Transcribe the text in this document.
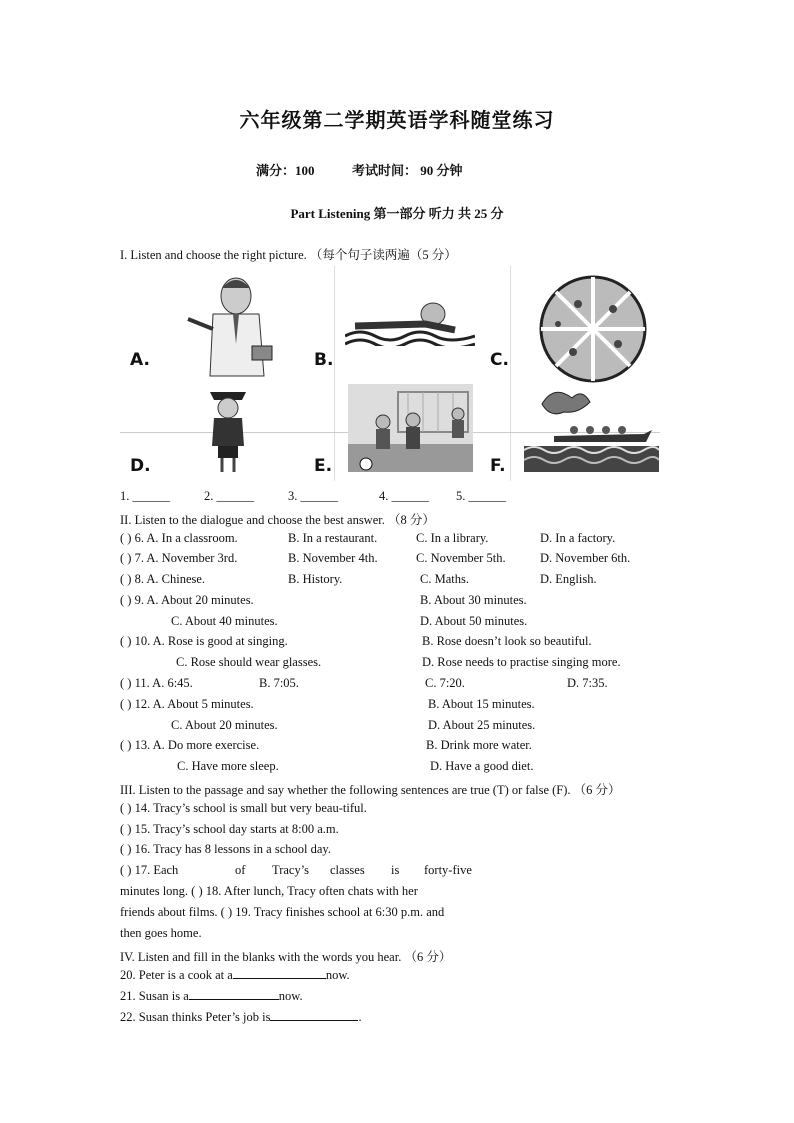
六年级第二学期英语学科随堂练习
满分：100	考试时间： 90 分钟
Part Listening 第一部分 听力 共 25 分
I. Listen and choose the right picture. （每个句子读两遍（5 分）
A.	B.	C.
D.	E.	F.
1. ______	2. ______	3. ______	4. ______ 5. ______
II. Listen to the dialogue and choose the best answer. （8 分）
( ) 6. A. In a classroom.	B. In a restaurant.	C. In a library.	D. In a factory.
( ) 7. A. November 3rd.	B. November 4th.	C. November 5th.	D. November 6th.
( ) 8. A. Chinese.	B. History.	C. Maths.	D. English.
( ) 9. A. About 20 minutes.	B. About 30 minutes.
C. About 40 minutes.	D. About 50 minutes.
( ) 10. A. Rose is good at singing.	B. Rose doesn’t look so beautiful.
C. Rose should wear glasses.	D. Rose needs to practise singing more.
( ) 11. A. 6:45.	B. 7:05.	C. 7:20.	D. 7:35.
( ) 12. A. About 5 minutes.	B. About 15 minutes.
C. About 20 minutes.	D. About 25 minutes.
( ) 13. A. Do more exercise.	B. Drink more water.
C. Have more sleep.	D. Have a good diet.
III. Listen to the passage and say whether the following sentences are true (T) or false (F). （6 分）
( ) 14. Tracy’s school is small but very beau-tiful.
( ) 15. Tracy’s school day starts at 8:00 a.m.
( ) 16. Tracy has 8 lessons in a school day.
( ) 17. Each	of Tracy’s classes is forty-five
minutes long. ( ) 18. After lunch, Tracy often chats with her
friends about films. ( ) 19. Tracy finishes school at 6:30 p.m. and
then goes home.
IV. Listen and fill in the blanks with the words you hear. （6 分）
20. Peter is a cook at a	now.
21. Susan is a	now.
22. Susan thinks Peter’s job is	.
